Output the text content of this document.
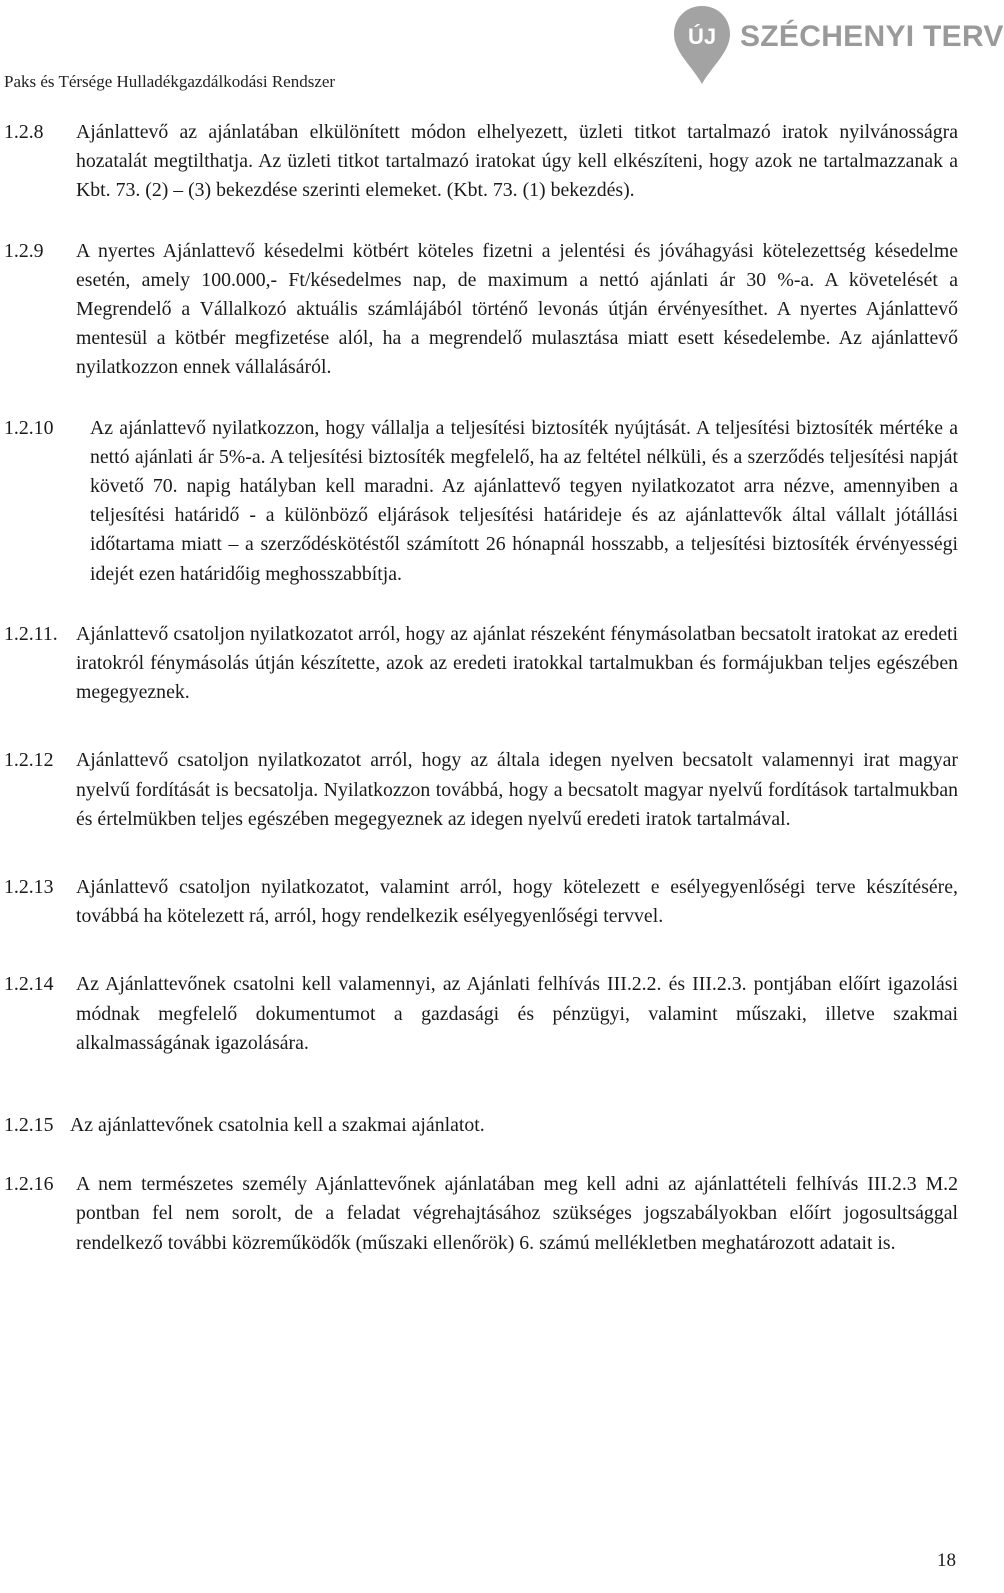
Paks és Térsége Hulladékgazdálkodási Rendszer
ÚJ SZÉCHENYI TERV
1.2.8	Ajánlattevő az ajánlatában elkülönített módon elhelyezett, üzleti titkot tartalmazó iratok nyilvánosságra hozatalát megtilthatja. Az üzleti titkot tartalmazó iratokat úgy kell elkészíteni, hogy azok ne tartalmazzanak a Kbt. 73. (2) – (3) bekezdése szerinti elemeket. (Kbt. 73. (1) bekezdés).
1.2.9	A nyertes Ajánlattevő késedelmi kötbért köteles fizetni a jelentési és jóváhagyási kötelezettség késedelme esetén, amely 100.000,- Ft/késedelmes nap, de maximum a nettó ajánlati ár 30 %-a. A követelését a Megrendelő a Vállalkozó aktuális számlájából történő levonás útján érvényesíthet. A nyertes Ajánlattevő mentesül a kötbér megfizetése alól, ha a megrendelő mulasztása miatt esett késedelembe. Az ajánlattevő nyilatkozzon ennek vállalásáról.
1.2.10	Az ajánlattevő nyilatkozzon, hogy vállalja a teljesítési biztosíték nyújtását. A teljesítési biztosíték mértéke a nettó ajánlati ár 5%-a. A teljesítési biztosíték megfelelő, ha az feltétel nélküli, és a szerződés teljesítési napját követő 70. napig hatályban kell maradni. Az ajánlattevő tegyen nyilatkozatot arra nézve, amennyiben a teljesítési határidő - a különböző eljárások teljesítési határideje és az ajánlattevők által vállalt jótállási időtartama miatt – a szerződéskötéstől számított 26 hónapnál hosszabb, a teljesítési biztosíték érvényességi idejét ezen határidőig meghosszabbítja.
1.2.11. Ajánlattevő csatoljon nyilatkozatot arról, hogy az ajánlat részeként fénymásolatban becsatolt iratokat az eredeti iratokról fénymásolás útján készítette, azok az eredeti iratokkal tartalmukban és formájukban teljes egészében megegyeznek.
1.2.12	Ajánlattevő csatoljon nyilatkozatot arról, hogy az általa idegen nyelven becsatolt valamennyi irat magyar nyelvű fordítását is becsatolja. Nyilatkozzon továbbá, hogy a becsatolt magyar nyelvű fordítások tartalmukban és értelmükben teljes egészében megegyeznek az idegen nyelvű eredeti iratok tartalmával.
1.2.13	Ajánlattevő csatoljon nyilatkozatot, valamint arról, hogy kötelezett e esélyegyenlőségi terve készítésére, továbbá ha kötelezett rá, arról, hogy rendelkezik esélyegyenlőségi tervvel.
1.2.14	Az Ajánlattevőnek csatolni kell valamennyi, az Ajánlati felhívás III.2.2. és III.2.3. pontjában előírt igazolási módnak megfelelő dokumentumot a gazdasági és pénzügyi, valamint műszaki, illetve szakmai alkalmasságának igazolására.
1.2.15 Az ajánlattevőnek csatolnia kell a szakmai ajánlatot.
1.2.16	A nem természetes személy Ajánlattevőnek ajánlatában meg kell adni az ajánlattételi felhívás III.2.3 M.2 pontban fel nem sorolt, de a feladat végrehajtásához szükséges jogszabályokban előírt jogosultsággal rendelkező további közreműködők (műszaki ellenőrök) 6. számú mellékletben meghatározott adatait is.
18
